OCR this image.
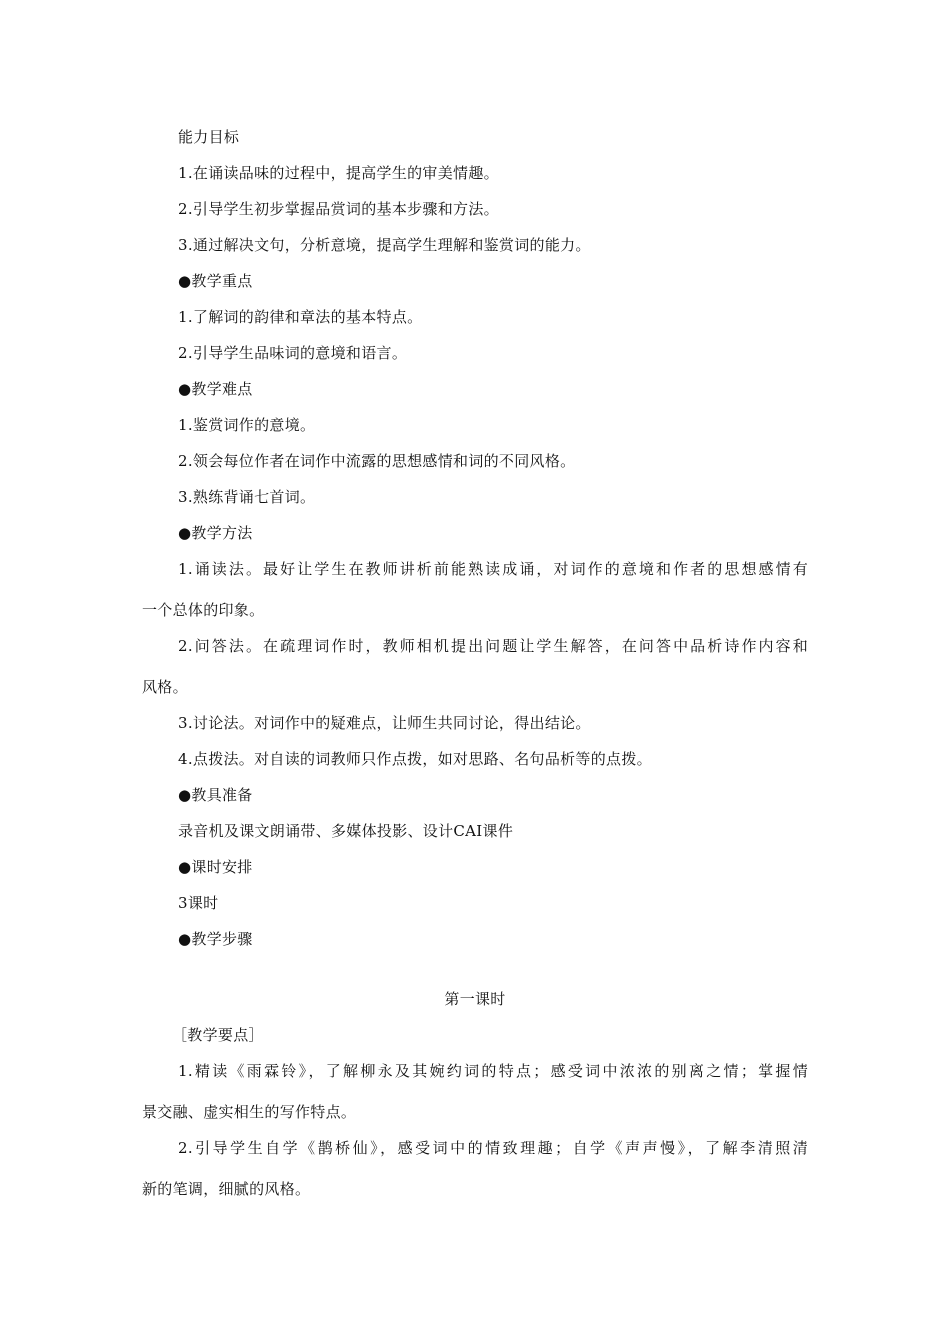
能力目标
1.在诵读品味的过程中，提高学生的审美情趣。
2.引导学生初步掌握品赏词的基本步骤和方法。
3.通过解决文句，分析意境，提高学生理解和鉴赏词的能力。
●教学重点
1.了解词的韵律和章法的基本特点。
2.引导学生品味词的意境和语言。
●教学难点
1.鉴赏词作的意境。
2.领会每位作者在词作中流露的思想感情和词的不同风格。
3.熟练背诵七首词。
●教学方法
1.诵读法。最好让学生在教师讲析前能熟读成诵，对词作的意境和作者的思想感情有
一个总体的印象。
2.问答法。在疏理词作时，教师相机提出问题让学生解答，在问答中品析诗作内容和
风格。
3.讨论法。对词作中的疑难点，让师生共同讨论，得出结论。
4.点拨法。对自读的词教师只作点拨，如对思路、名句品析等的点拨。
●教具准备
录音机及课文朗诵带、多媒体投影、设计CAI课件
●课时安排
3课时
●教学步骤
第一课时
［教学要点］
1.精读《雨霖铃》，了解柳永及其婉约词的特点；感受词中浓浓的别离之情；掌握情
景交融、虚实相生的写作特点。
2.引导学生自学《鹊桥仙》，感受词中的情致理趣；自学《声声慢》，了解李清照清
新的笔调，细腻的风格。
